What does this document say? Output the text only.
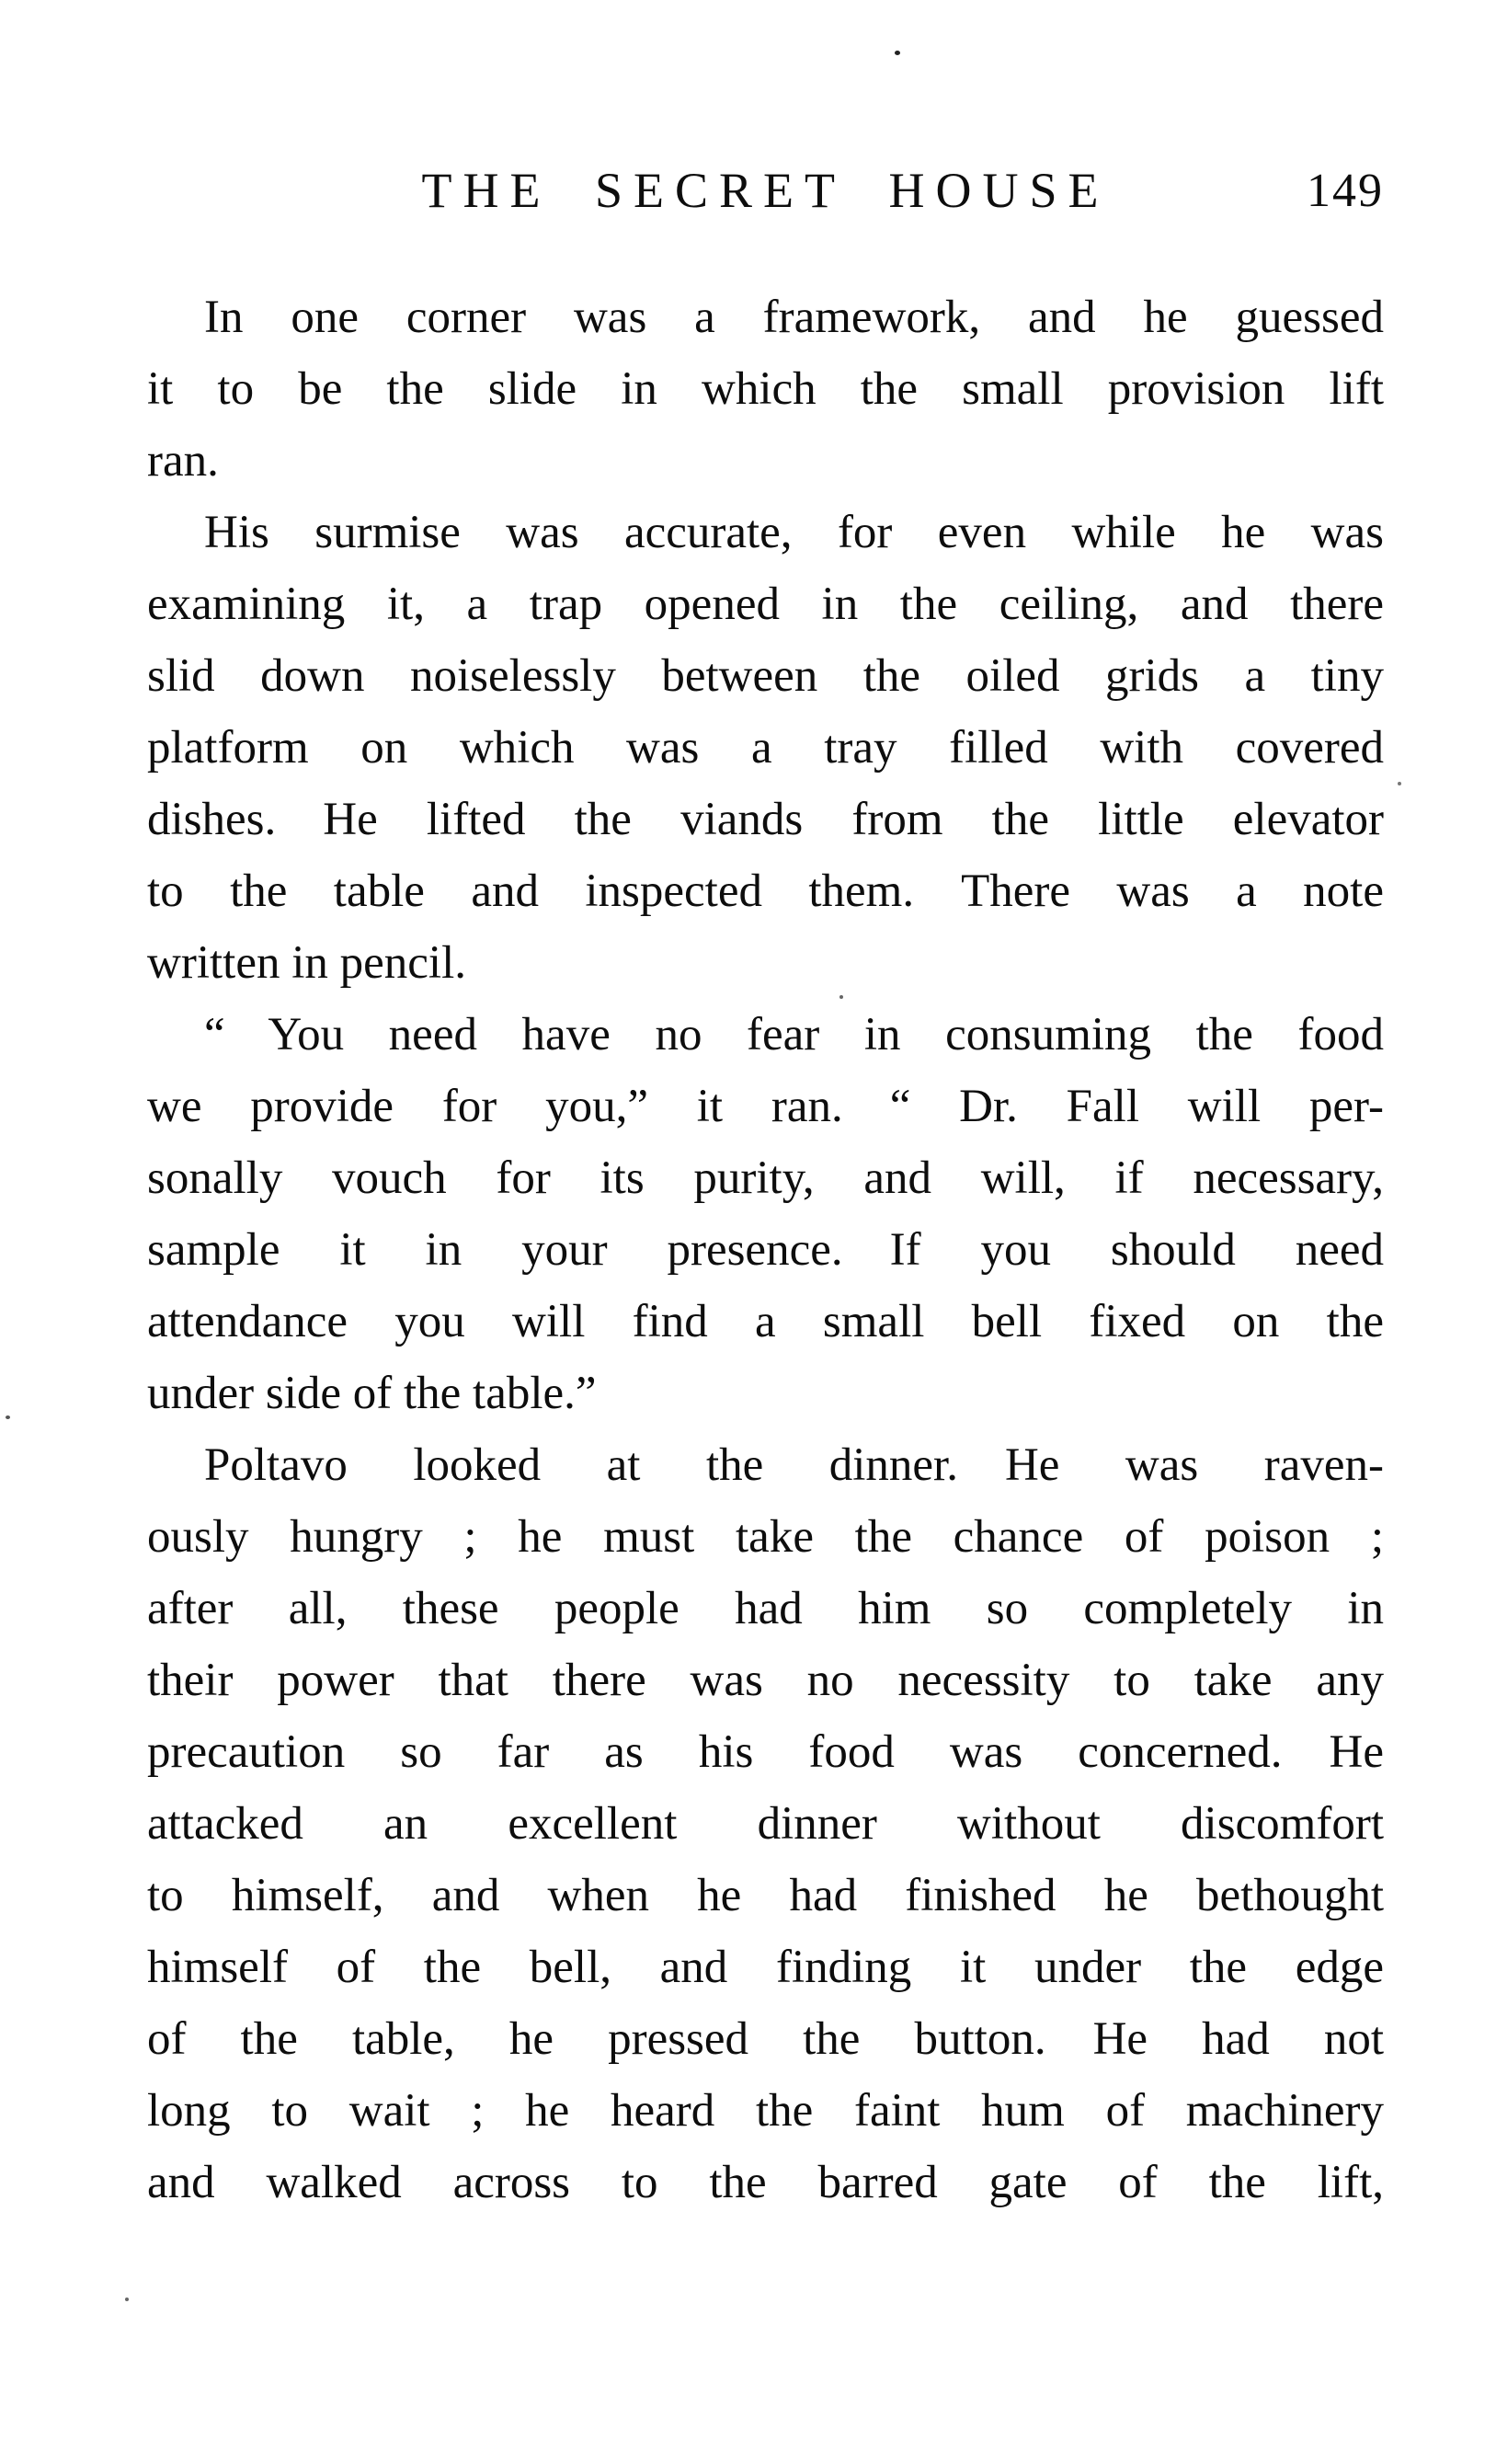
THE SECRET HOUSE	149
In one corner was a framework, and he guessed
it to be the slide in which the small provision lift
ran.
His surmise was accurate, for even while he was
examining it, a trap opened in the ceiling, and there
slid down noiselessly between the oiled grids a tiny
platform on which was a tray filled with covered
dishes. He lifted the viands from the little elevator
to the table and inspected them. There was a note
written in pencil.
“ You need have no fear in consuming the food
we provide for you,” it ran. “ Dr. Fall will per-
sonally vouch for its purity, and will, if necessary,
sample it in your presence. If you should need
attendance you will find a small bell fixed on the
under side of the table.”
Poltavo looked at the dinner. He was raven-
ously hungry ; he must take the chance of poison ;
after all, these people had him so completely in
their power that there was no necessity to take any
precaution so far as his food was concerned. He
attacked an excellent dinner without discomfort
to himself, and when he had finished he bethought
himself of the bell, and finding it under the edge
of the table, he pressed the button. He had not
long to wait ; he heard the faint hum of machinery
and walked across to the barred gate of the lift,
